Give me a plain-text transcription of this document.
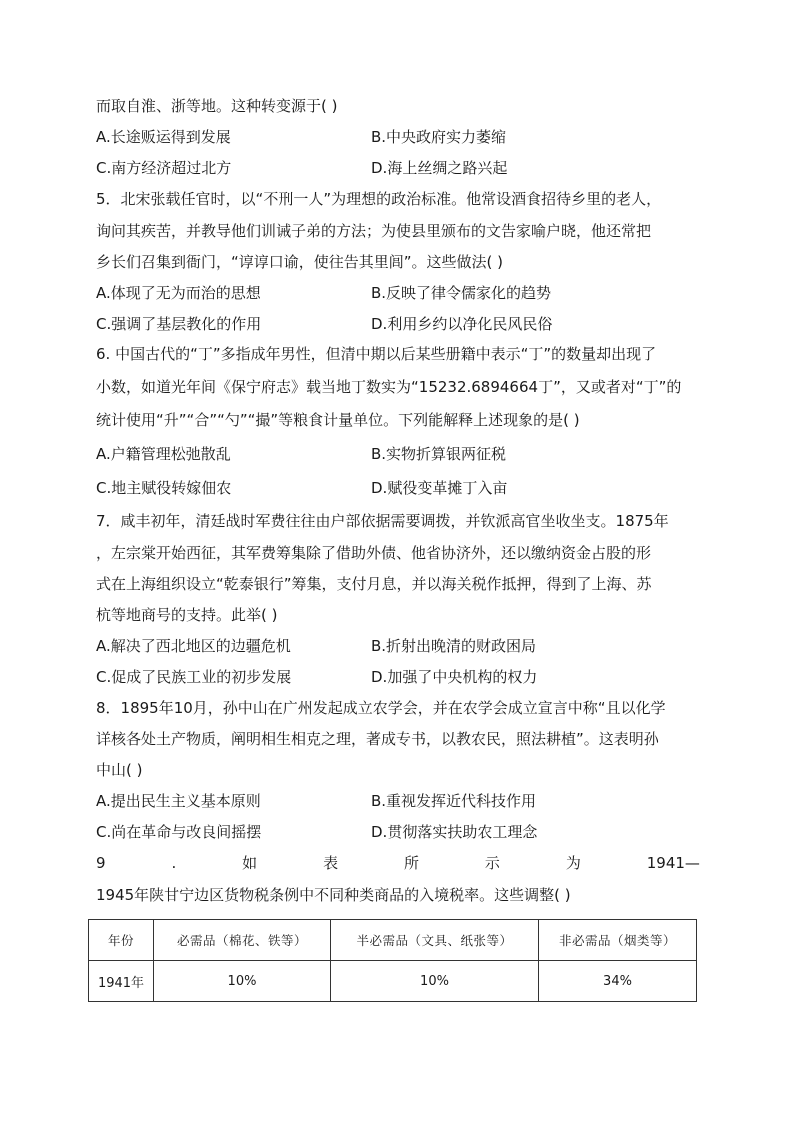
而取自淮、浙等地。这种转变源于( )
A.长途贩运得到发展	B.中央政府实力萎缩
C.南方经济超过北方	D.海上丝绸之路兴起
5．北宋张载任官时，以“不刑一人”为理想的政治标准。他常设酒食招待乡里的老人，
询问其疾苦，并教导他们训诫子弟的方法；为使县里颁布的文告家喻户晓，他还常把
乡长们召集到衙门，“谆谆口谕，使往告其里闾”。这些做法( )
A.体现了无为而治的思想	B.反映了律令儒家化的趋势
C.强调了基层教化的作用	D.利用乡约以净化民风民俗
6. 中国古代的“丁”多指成年男性，但清中期以后某些册籍中表示“丁”的数量却出现了
小数，如道光年间《保宁府志》载当地丁数实为“15232.6894664丁”，又或者对“丁”的
统计使用“升”“合”“勺”“撮”等粮食计量单位。下列能解释上述现象的是( )
A.户籍管理松弛散乱	B.实物折算银两征税
C.地主赋役转嫁佃农	D.赋役变革摊丁入亩
7．咸丰初年，清廷战时军费往往由户部依据需要调拨，并钦派高官坐收坐支。1875年
，左宗棠开始西征，其军费筹集除了借助外债、他省协济外，还以缴纳资金占股的形
式在上海组织设立“乾泰银行”筹集，支付月息，并以海关税作抵押，得到了上海、苏
杭等地商号的支持。此举( )
A.解决了西北地区的边疆危机	B.折射出晚清的财政困局
C.促成了民族工业的初步发展	D.加强了中央机构的权力
8．1895年10月，孙中山在广州发起成立农学会，并在农学会成立宣言中称“且以化学
详核各处土产物质，阐明相生相克之理，著成专书，以教农民，照法耕植”。这表明孙
中山( )
A.提出民生主义基本原则	B.重视发挥近代科技作用
C.尚在革命与改良间摇摆	D.贯彻落实扶助农工理念
9	.	如	表	所	示	为	1941—
1945年陕甘宁边区货物税条例中不同种类商品的入境税率。这些调整( )
年份	必需品（棉花、铁等）	半必需品（文具、纸张等）	非必需品（烟类等）
1941年	10%	10%	34%
